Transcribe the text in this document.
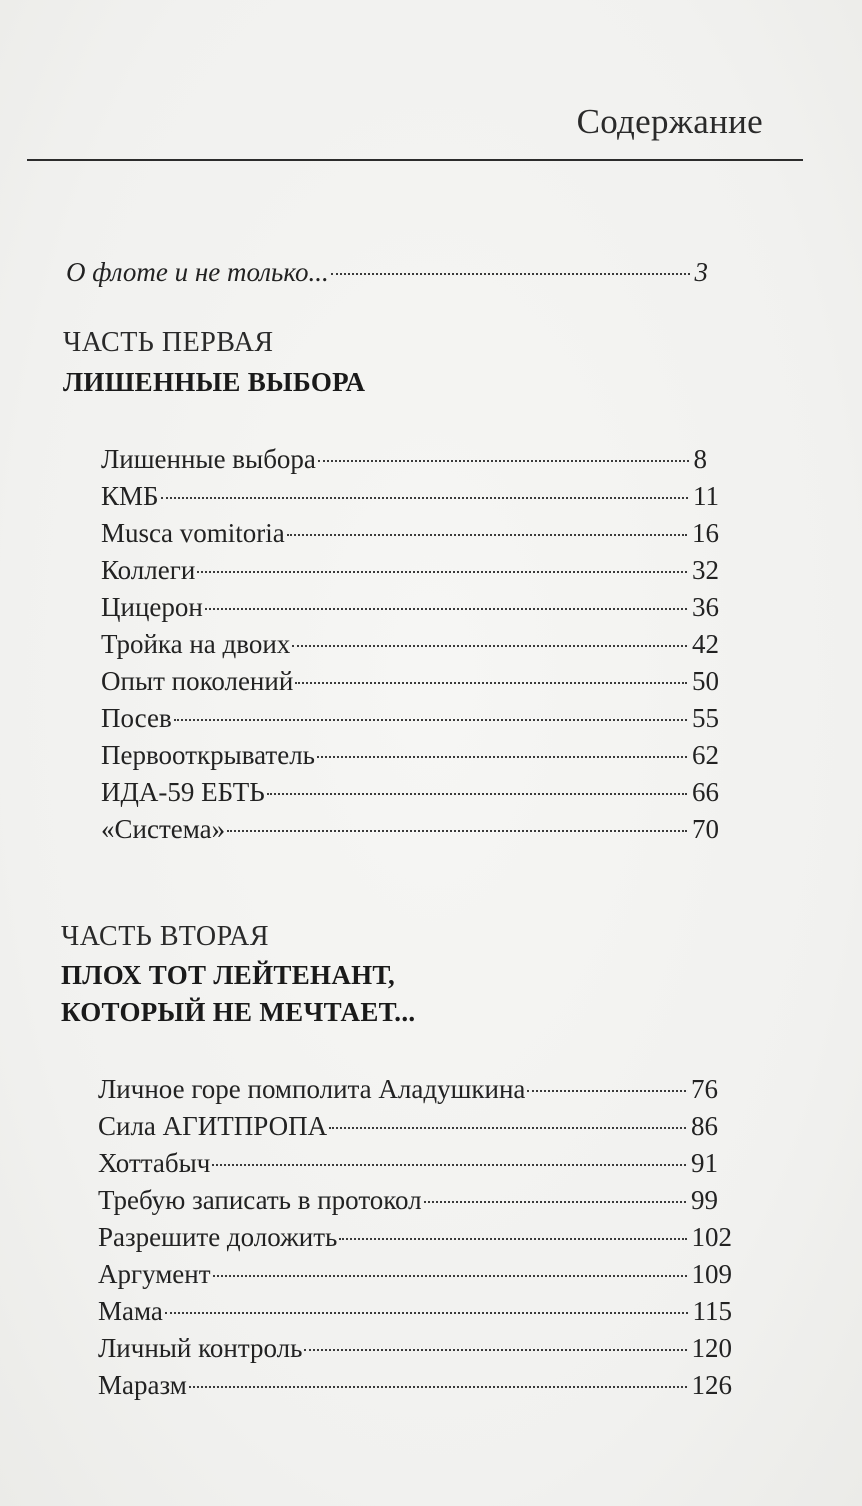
Содержание
О флоте и не только...	3
ЧАСТЬ ПЕРВАЯ
ЛИШЕННЫЕ ВЫБОРА
Лишенные выбора	8
КМБ	11
Musca vomitoria	16
Коллеги	32
Цицерон	36
Тройка на двоих	42
Опыт поколений	50
Посев	55
Первооткрыватель	62
ИДА-59 ЕБТЬ	66
«Система»	70
ЧАСТЬ ВТОРАЯ
ПЛОХ ТОТ ЛЕЙТЕНАНТ,
КОТОРЫЙ НЕ МЕЧТАЕТ...
Личное горе помполита Аладушкина	76
Сила АГИТПРОПА	86
Хоттабыч	91
Требую записать в протокол	99
Разрешите доложить	102
Аргумент	109
Мама	115
Личный контроль	120
Маразм	126
